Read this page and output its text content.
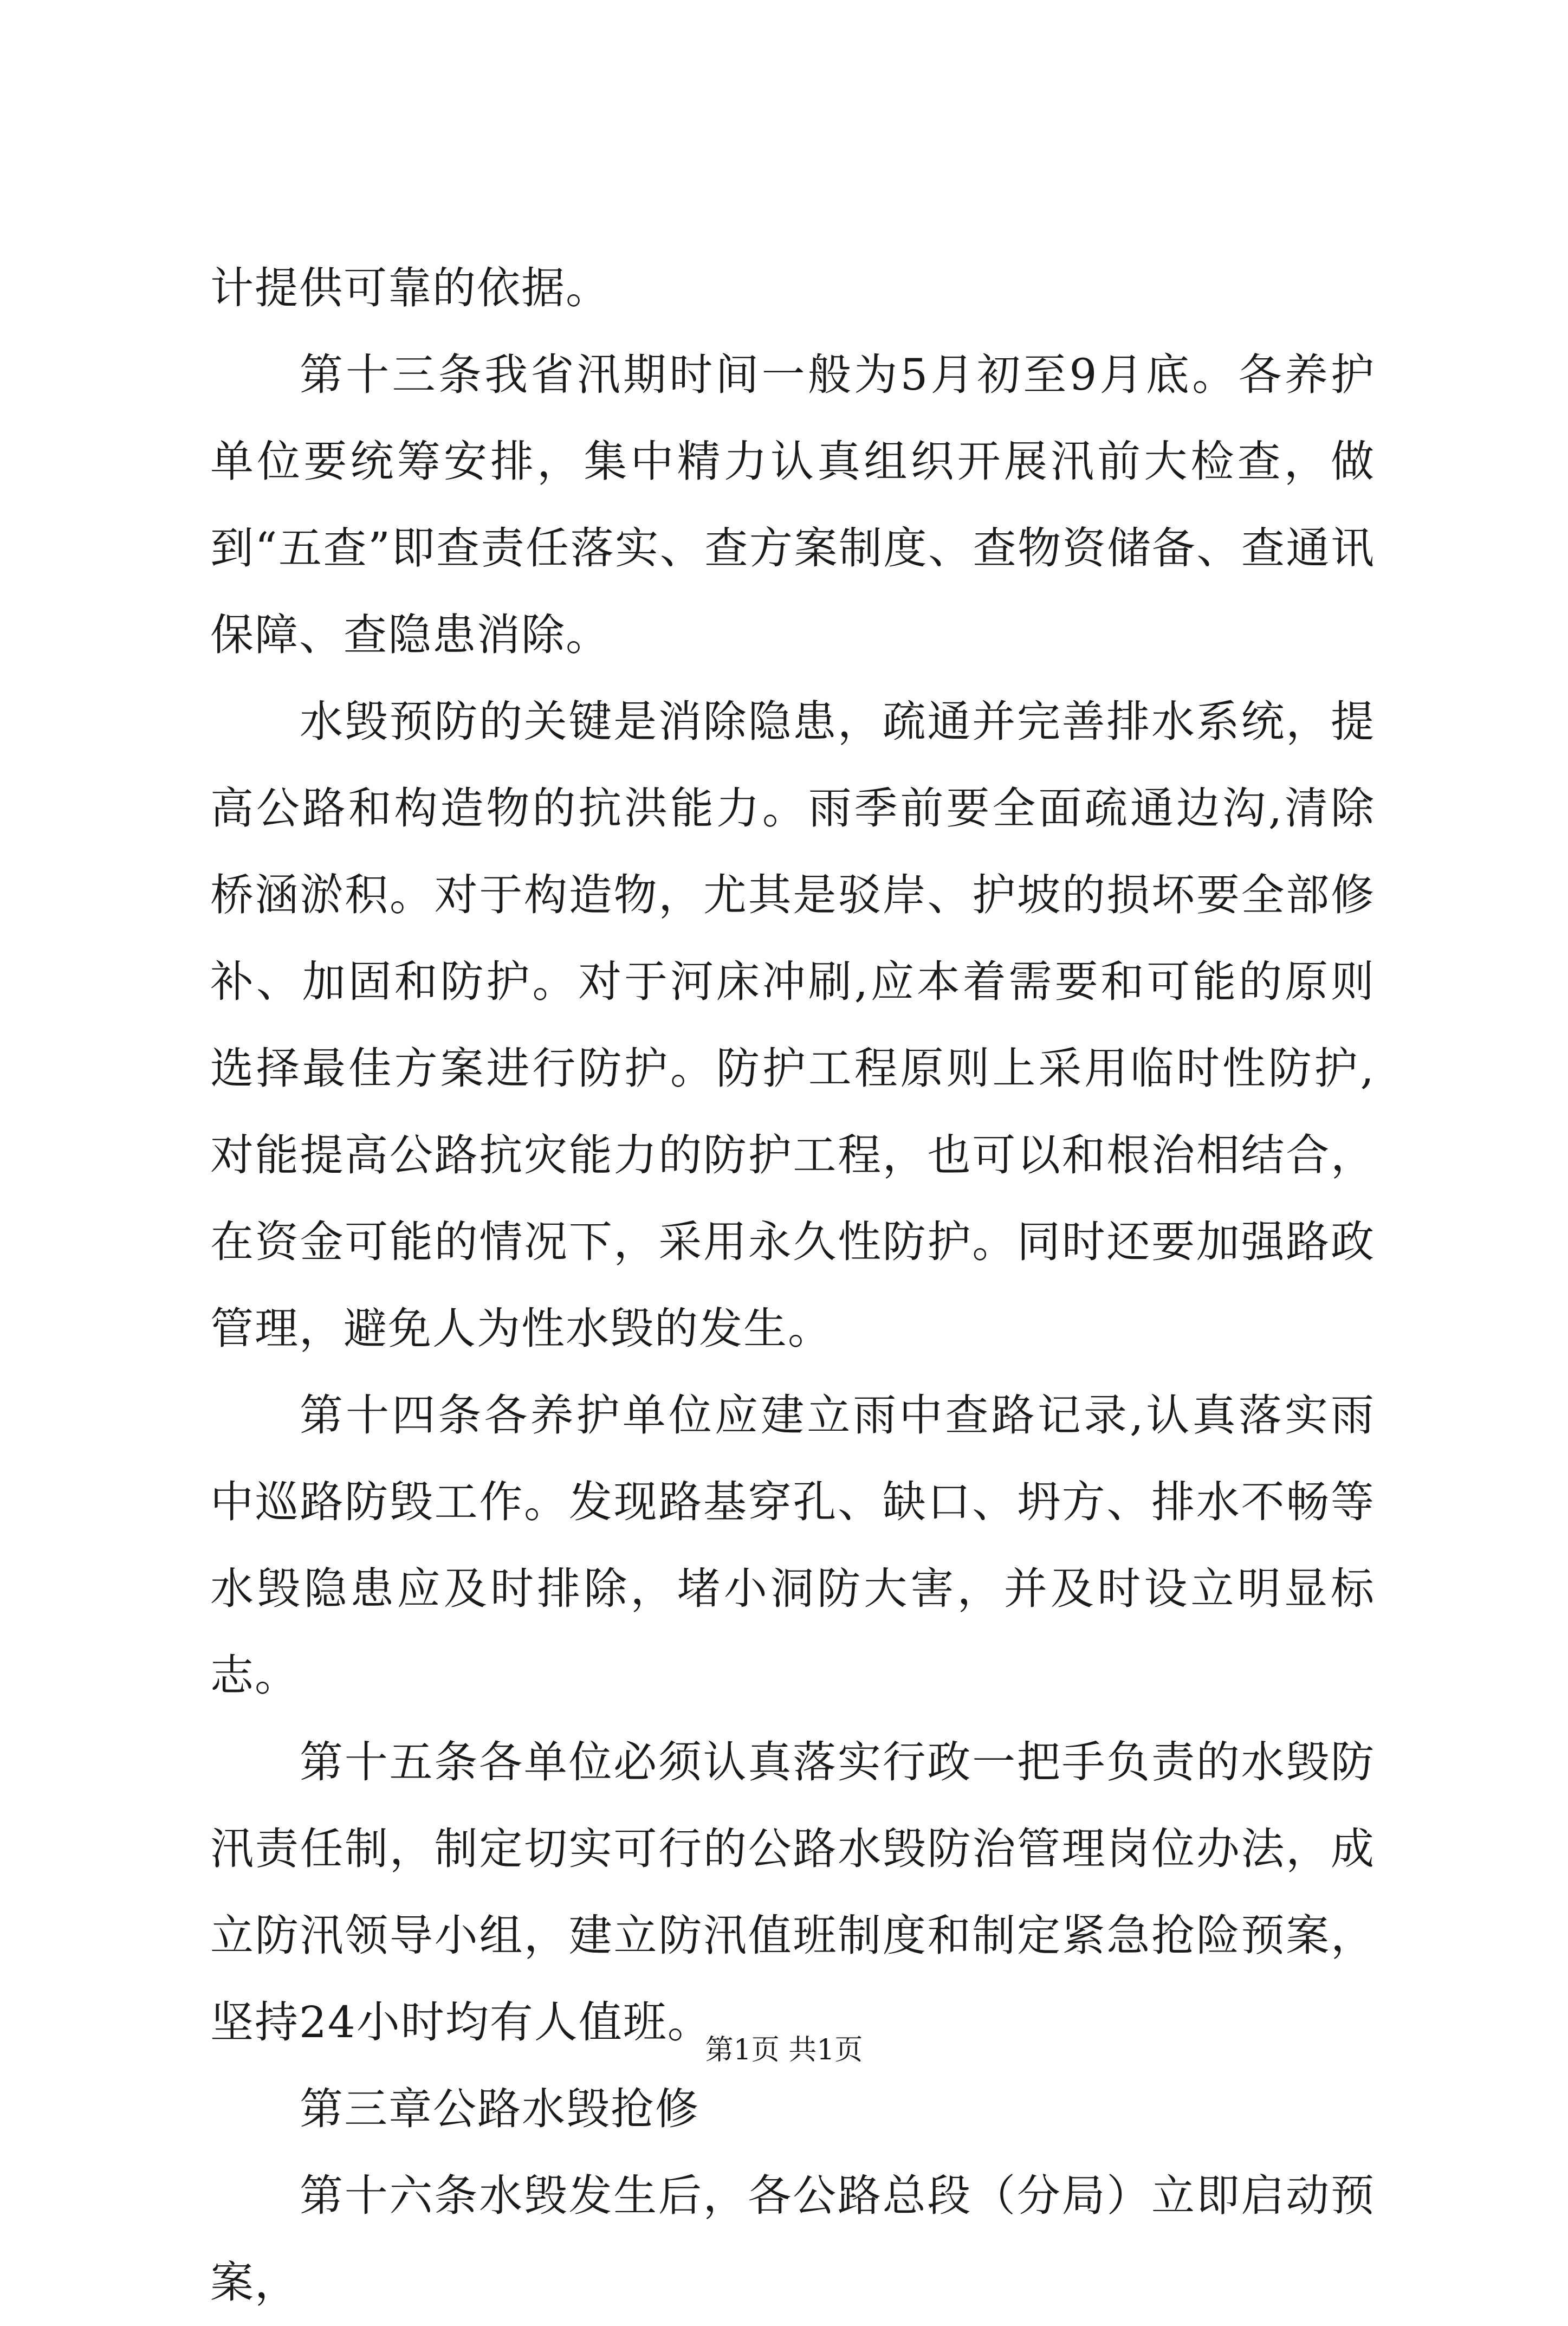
计提供可靠的依据。

第十三条我省汛期时间一般为5月初至9月底。各养护单位要统筹安排，集中精力认真组织开展汛前大检查，做到“五查”即查责任落实、查方案制度、查物资储备、查通讯保障、查隐患消除。

水毁预防的关键是消除隐患，疏通并完善排水系统，提高公路和构造物的抗洪能力。雨季前要全面疏通边沟,清除桥涵淤积。对于构造物，尤其是驳岸、护坡的损坏要全部修补、加固和防护。对于河床冲刷,应本着需要和可能的原则选择最佳方案进行防护。防护工程原则上采用临时性防护,对能提高公路抗灾能力的防护工程，也可以和根治相结合，在资金可能的情况下，采用永久性防护。同时还要加强路政管理，避免人为性水毁的发生。

第十四条各养护单位应建立雨中查路记录,认真落实雨中巡路防毁工作。发现路基穿孔、缺口、坍方、排水不畅等水毁隐患应及时排除，堵小洞防大害，并及时设立明显标志。

第十五条各单位必须认真落实行政一把手负责的水毁防汛责任制，制定切实可行的公路水毁防治管理岗位办法，成立防汛领导小组，建立防汛值班制度和制定紧急抢险预案，坚持24小时均有人值班。

第三章公路水毁抢修

第十六条水毁发生后，各公路总段（分局）立即启动预案，

第1页 共1页
